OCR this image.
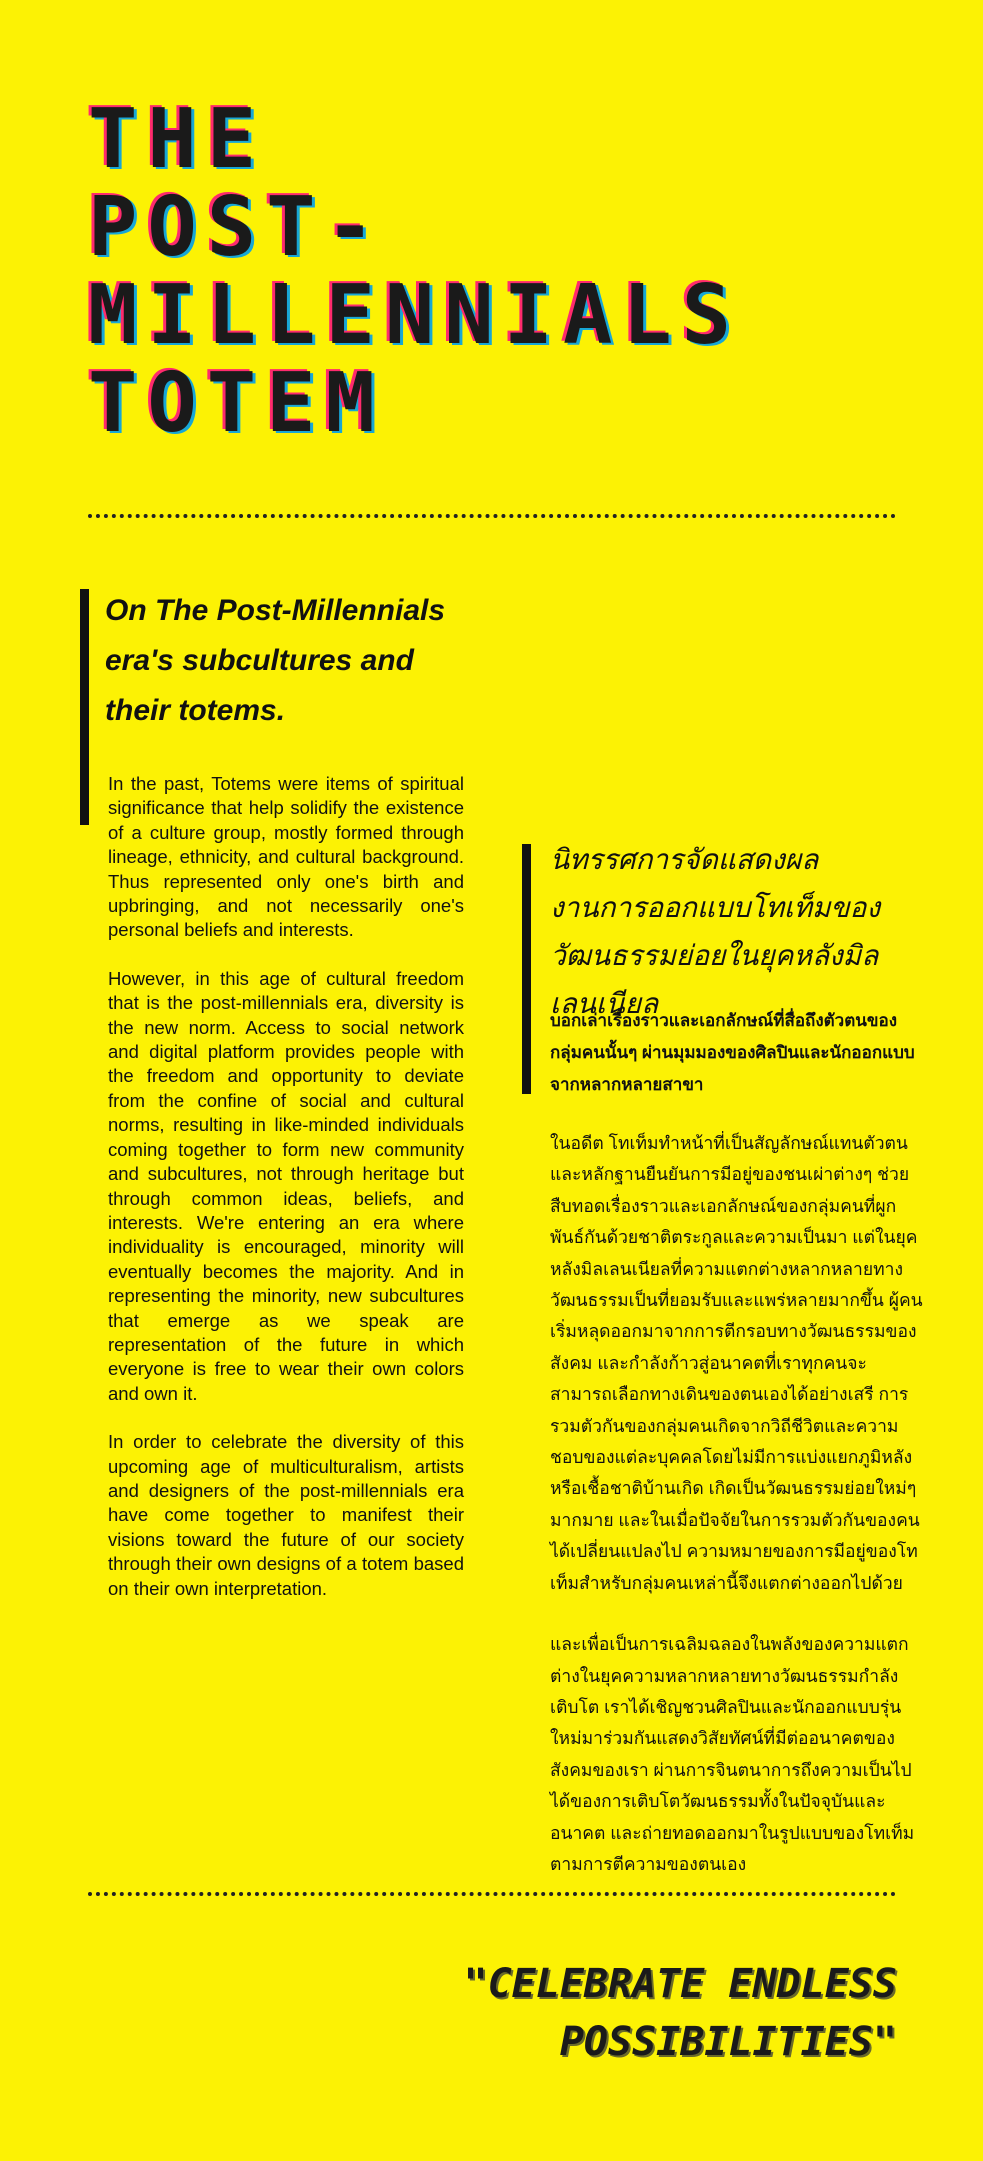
THE
POST-
MILLENNIALS
TOTEM

On The Post-Millennials era's subcultures and their totems.

In the past, Totems were items of spiritual significance that help solidify the existence of a culture group, mostly formed through lineage, ethnicity, and cultural background. Thus represented only one's birth and upbringing, and not necessarily one's personal beliefs and interests.

However, in this age of cultural freedom that is the post-millennials era, diversity is the new norm. Access to social network and digital platform provides people with the freedom and opportunity to deviate from the confine of social and cultural norms, resulting in like-minded individuals coming together to form new community and subcultures, not through heritage but through common ideas, beliefs, and interests. We're entering an era where individuality is encouraged, minority will eventually becomes the majority. And in representing the minority, new subcultures that emerge as we speak are representation of the future in which everyone is free to wear their own colors and own it.

In order to celebrate the diversity of this upcoming age of multiculturalism, artists and designers of the post-millennials era have come together to manifest their visions toward the future of our society through their own designs of a totem based on their own interpretation.

นิทรรศการจัดแสดงผลงานการออกแบบโทเท็มของวัฒนธรรมย่อยในยุคหลังมิลเลนเนียล

บอกเล่าเรื่องราวและเอกลักษณ์ที่สื่อถึงตัวตนของกลุ่มคนนั้นๆ ผ่านมุมมองของศิลปินและนักออกแบบจากหลากหลายสาขา

ในอดีต โทเท็มทำหน้าที่เป็นสัญลักษณ์แทนตัวตน และหลักฐานยืนยันการมีอยู่ของชนเผ่าต่างๆ ช่วยสืบทอดเรื่องราวและเอกลักษณ์ของกลุ่มคนที่ผูกพันธ์กันด้วยชาติตระกูลและความเป็นมา แต่ในยุคหลังมิลเลนเนียลที่ความแตกต่างหลากหลายทางวัฒนธรรมเป็นที่ยอมรับและแพร่หลายมากขึ้น ผู้คนเริ่มหลุดออกมาจากการตีกรอบทางวัฒนธรรมของสังคม และกำลังก้าวสู่อนาคตที่เราทุกคนจะสามารถเลือกทางเดินของตนเองได้อย่างเสรี การรวมตัวกันของกลุ่มคนเกิดจากวิถีชีวิตและความชอบของแต่ละบุคคลโดยไม่มีการแบ่งแยกภูมิหลังหรือเชื้อชาติบ้านเกิด เกิดเป็นวัฒนธรรมย่อยใหม่ๆมากมาย และในเมื่อปัจจัยในการรวมตัวกันของคนได้เปลี่ยนแปลงไป ความหมายของการมีอยู่ของโทเท็มสำหรับกลุ่มคนเหล่านี้จึงแตกต่างออกไปด้วย

และเพื่อเป็นการเฉลิมฉลองในพลังของความแตกต่างในยุคความหลากหลายทางวัฒนธรรมกำลังเติบโต เราได้เชิญชวนศิลปินและนักออกแบบรุ่นใหม่มาร่วมกันแสดงวิสัยทัศน์ที่มีต่ออนาคตของสังคมของเรา ผ่านการจินตนาการถึงความเป็นไปได้ของการเติบโตวัฒนธรรมทั้งในปัจจุบันและอนาคต และถ่ายทอดออกมาในรูปแบบของโทเท็มตามการตีความของตนเอง

"CELEBRATE ENDLESS
POSSIBILITIES"
